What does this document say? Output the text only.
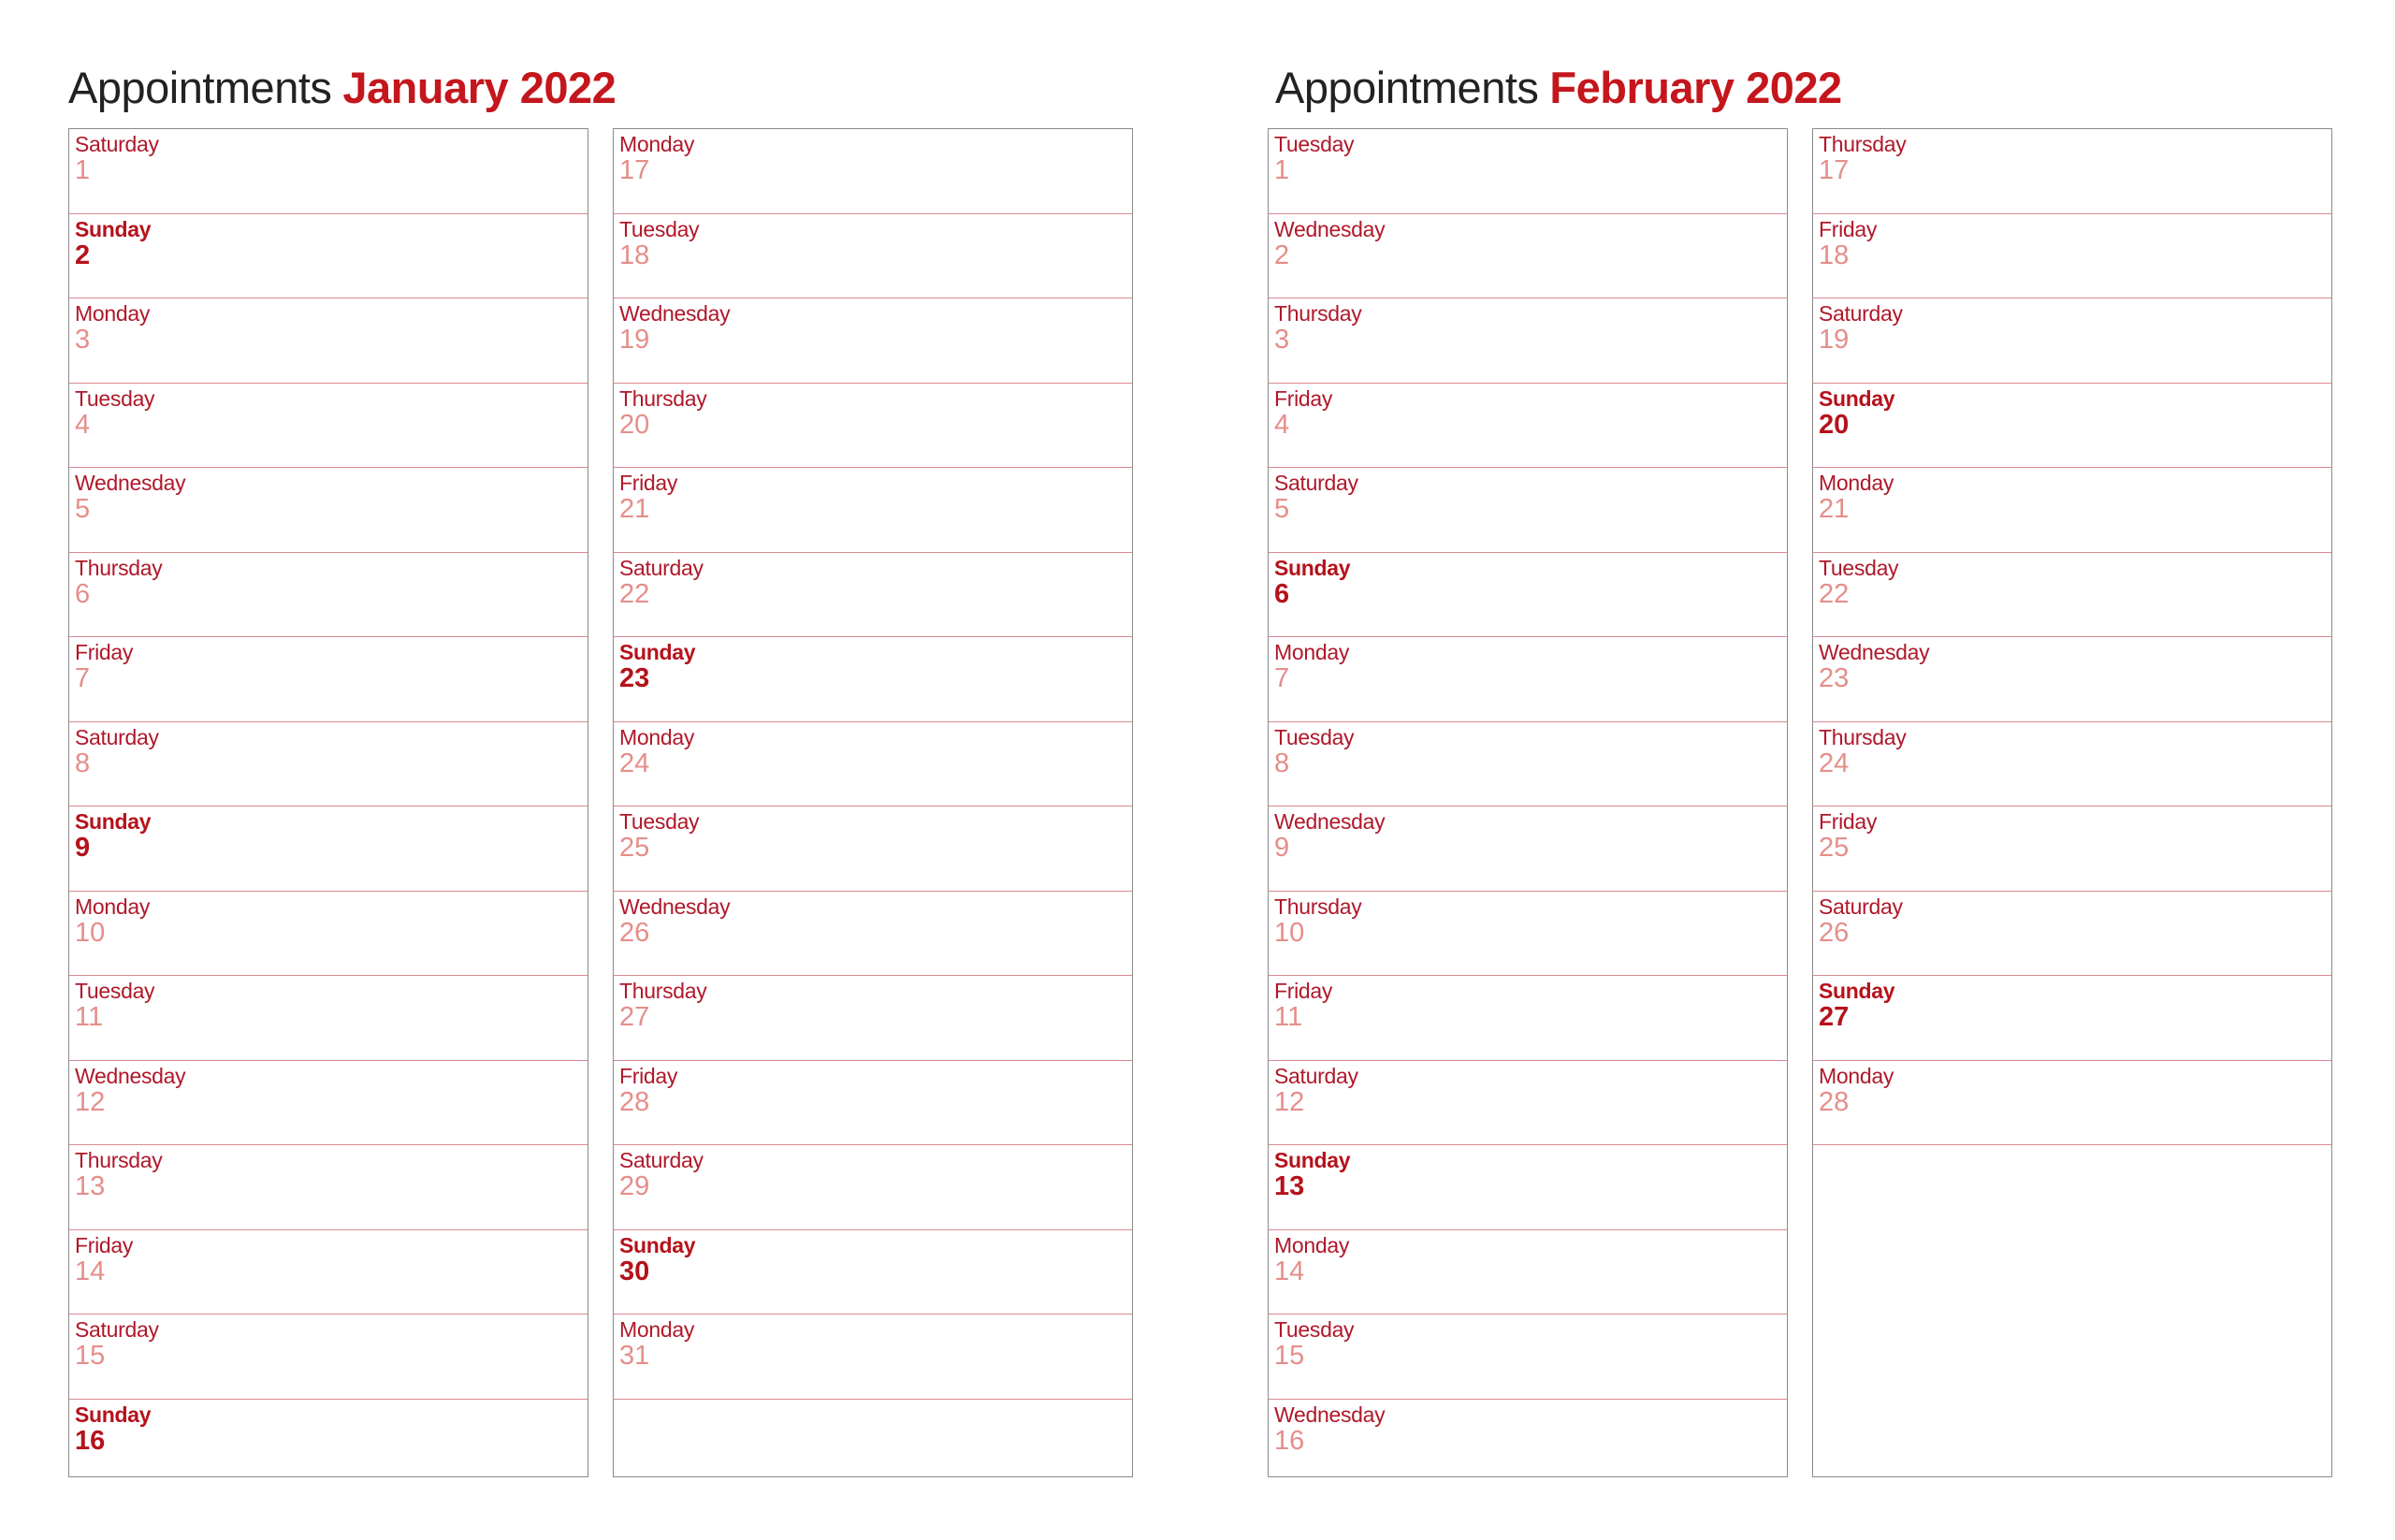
Appointments January 2022	Appointments February 2022
Saturday
1
Sunday
2
Monday
3
Tuesday
4
Wednesday
5
Thursday
6
Friday
7
Saturday
8
Sunday
9
Monday
10
Tuesday
11
Wednesday
12
Thursday
13
Friday
14
Saturday
15
Sunday
16
Monday
17
Tuesday
18
Wednesday
19
Thursday
20
Friday
21
Saturday
22
Sunday
23
Monday
24
Tuesday
25
Wednesday
26
Thursday
27
Friday
28
Saturday
29
Sunday
30
Monday
31
Tuesday
1
Wednesday
2
Thursday
3
Friday
4
Saturday
5
Sunday
6
Monday
7
Tuesday
8
Wednesday
9
Thursday
10
Friday
11
Saturday
12
Sunday
13
Monday
14
Tuesday
15
Wednesday
16
Thursday
17
Friday
18
Saturday
19
Sunday
20
Monday
21
Tuesday
22
Wednesday
23
Thursday
24
Friday
25
Saturday
26
Sunday
27
Monday
28
